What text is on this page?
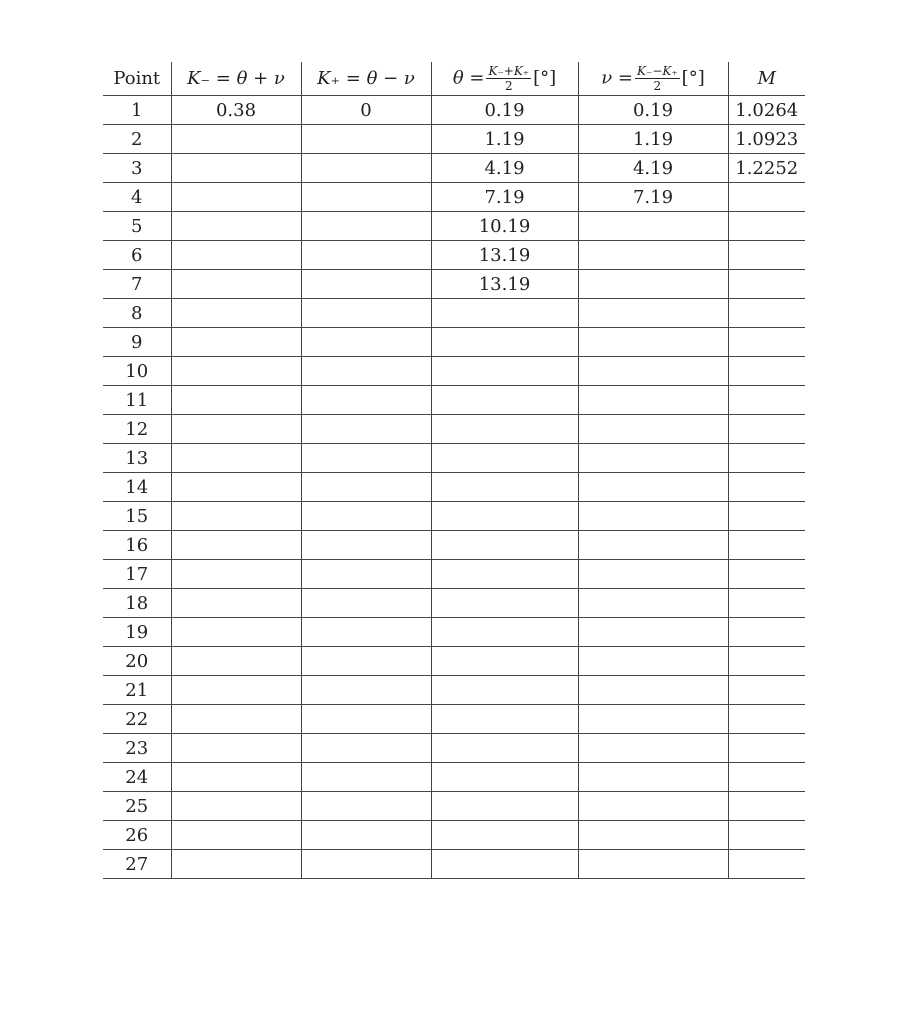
Point	K₋ = θ + ν	K₊ = θ − ν	$\theta = \frac{K_-+K_+}{2}$ [°]	$\nu = \frac{K_--K_+}{2}$ [°]	M
1	0.38	0	0.19	0.19	1.0264
2			1.19	1.19	1.0923
3			4.19	4.19	1.2252
4			7.19	7.19	
5			10.19		
6			13.19		
7			13.19		
8					
9					
10					
11					
12					
13					
14					
15					
16					
17					
18					
19					
20					
21					
22					
23					
24					
25					
26					
27					
